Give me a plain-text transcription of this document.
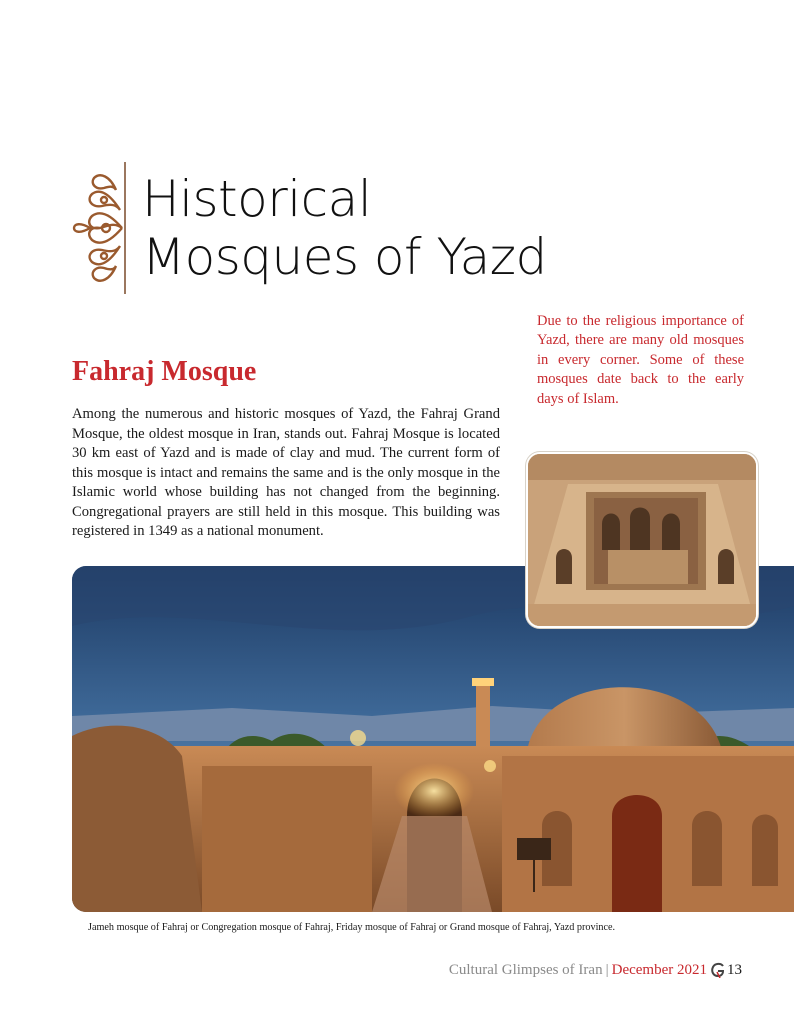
Historical
Mosques of Yazd

Due to the religious importance of Yazd, there are many old mosques in every corner. Some of these mosques date back to the early days of Islam.

Fahraj Mosque

Among the numerous and historic mosques of Yazd, the Fahraj Grand Mosque, the oldest mosque in Iran, stands out. Fahraj Mosque is located 30 km east of Yazd and is made of clay and mud. The current form of this mosque is intact and remains the same and is the only mosque in the Islamic world whose building has not changed from the beginning. Congregational prayers are still held in this mosque. This building was registered in 1349 as a national monument.

Jameh mosque of Fahraj or Congregation mosque of Fahraj, Friday mosque of Fahraj or Grand mosque of Fahraj, Yazd province.

Cultural Glimpses of Iran | December 2021 13
